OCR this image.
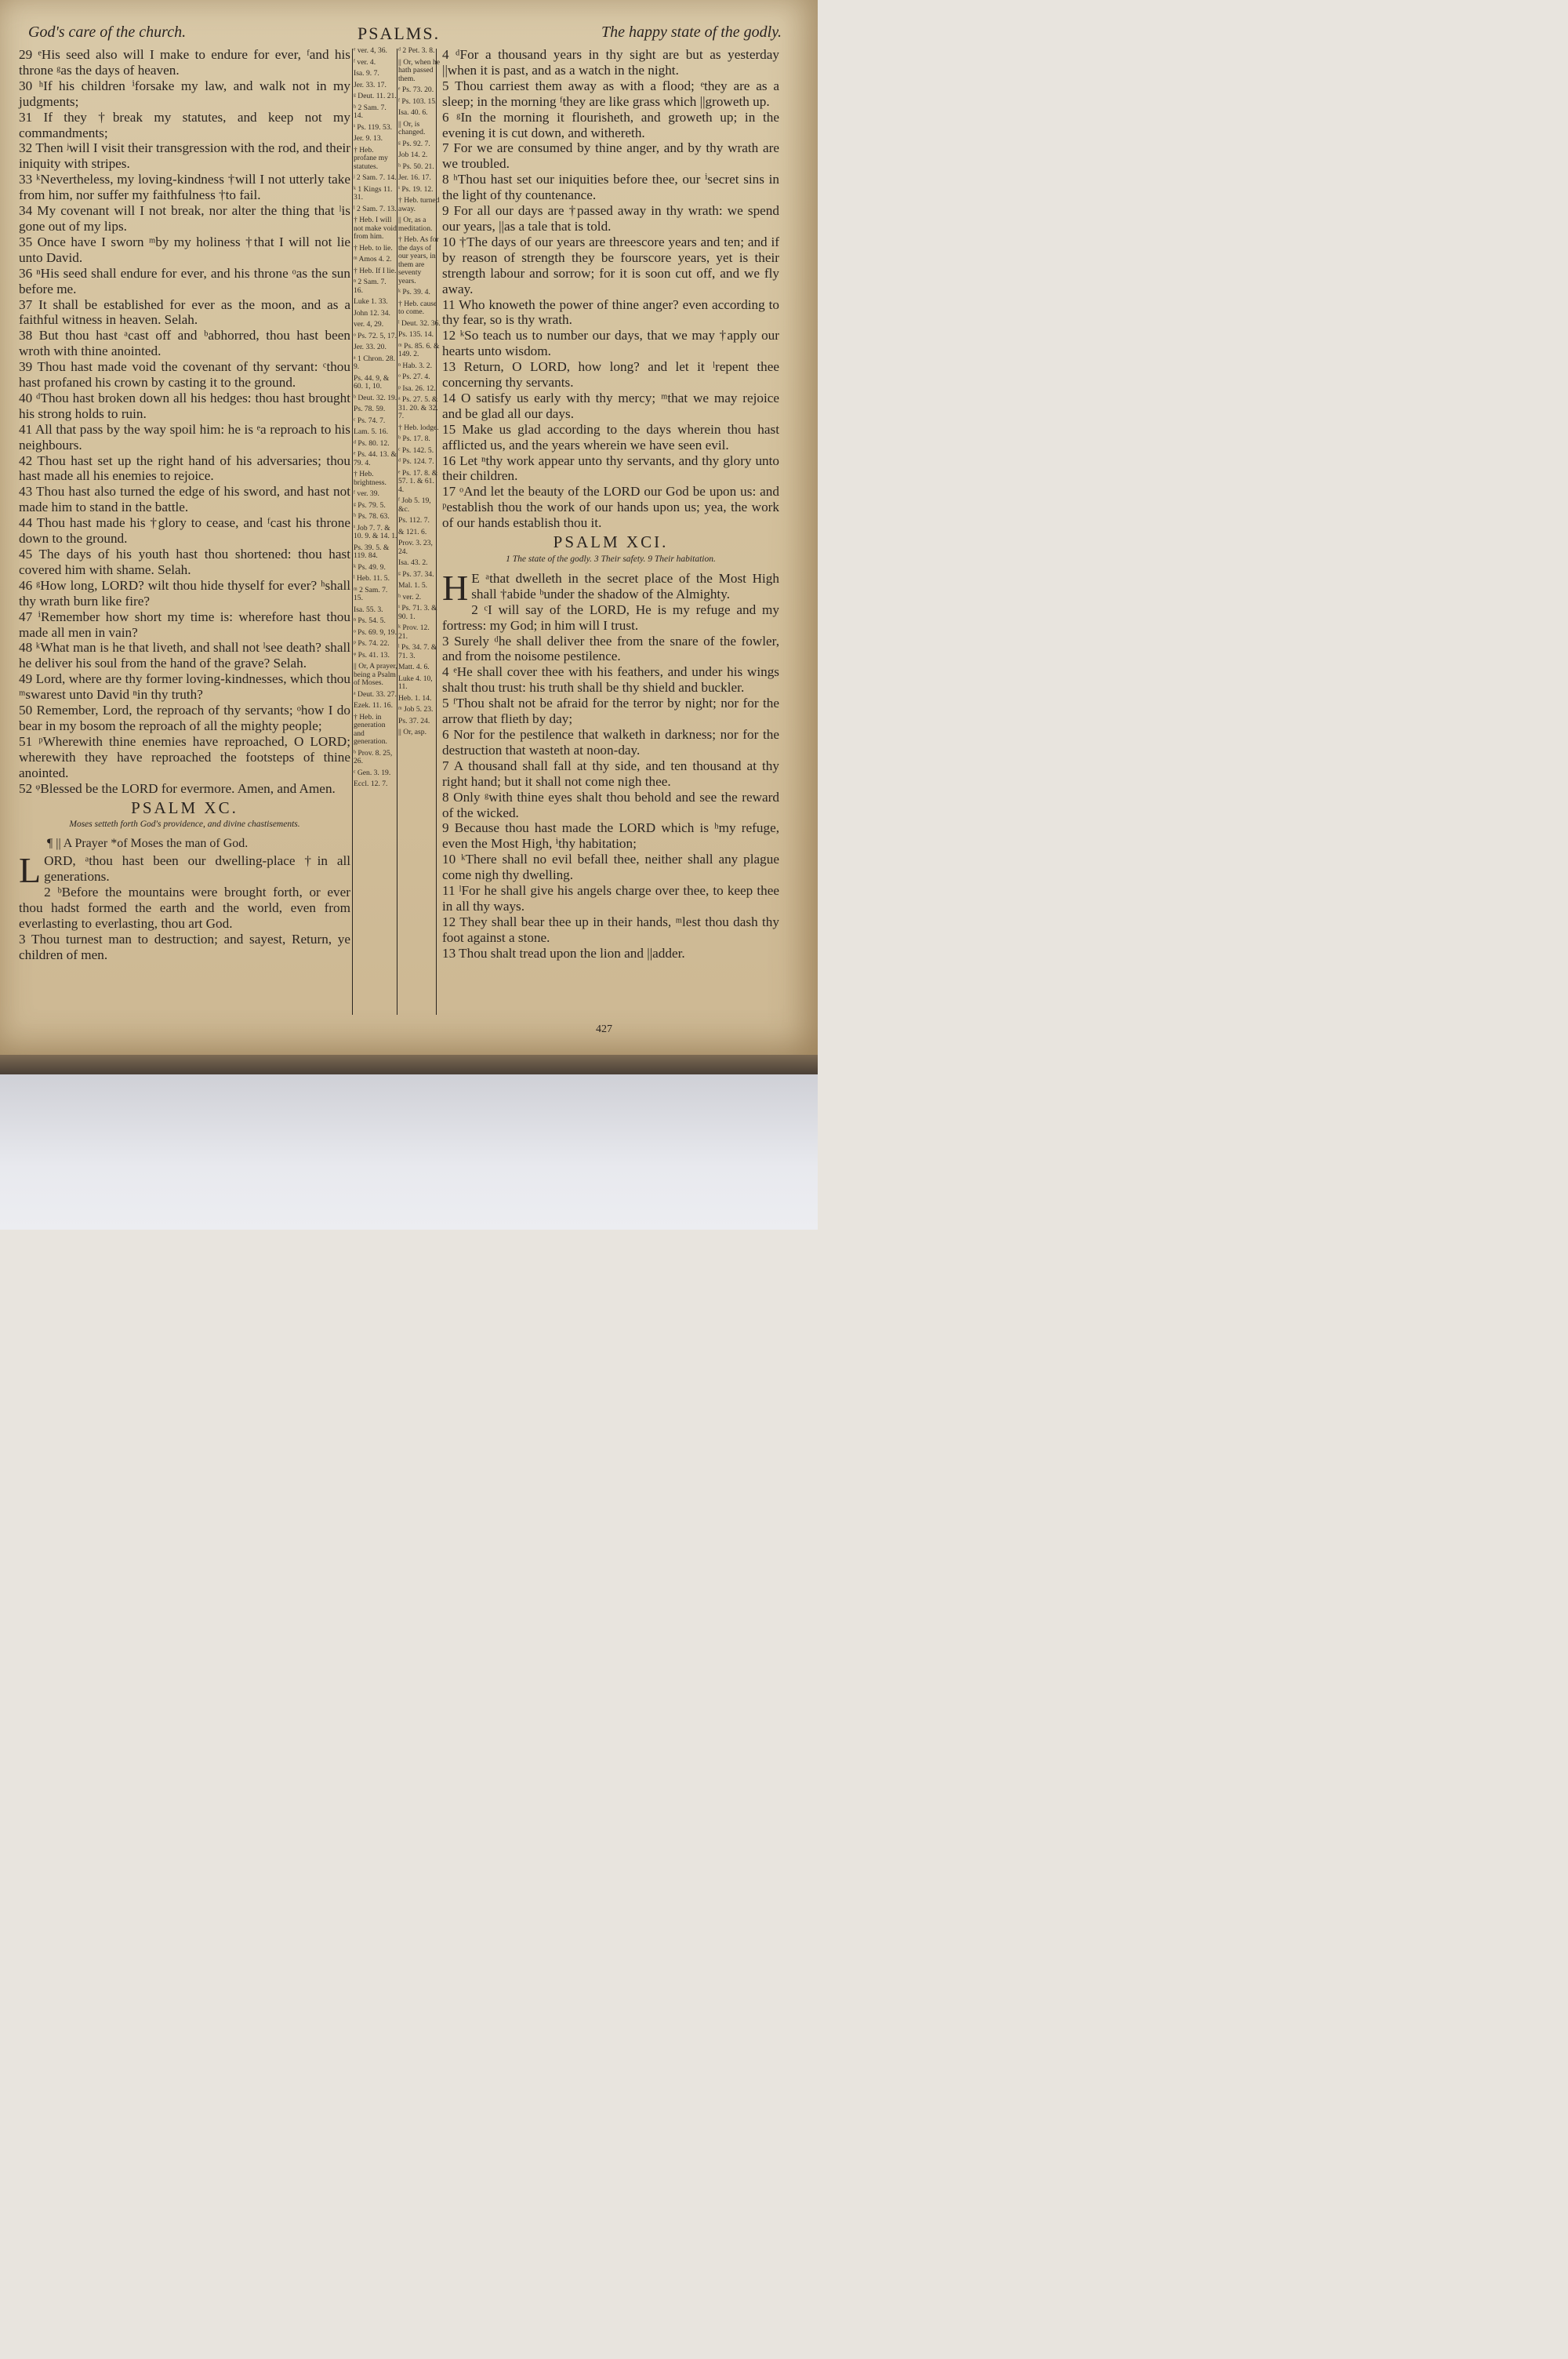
God's care of the church.	PSALMS.	The happy state of the godly.

29 ᵉHis seed also will I make to endure for ever, ᶠand his throne ᵍas the days of heaven.

30 ʰIf his children ⁱforsake my law, and walk not in my judgments;

31 If they †break my statutes, and keep not my commandments;

32 Then ʲwill I visit their transgression with the rod, and their iniquity with stripes.

33 ᵏNevertheless, my loving-kindness †will I not utterly take from him, nor suffer my faithfulness †to fail.

34 My covenant will I not break, nor alter the thing that ˡis gone out of my lips.

35 Once have I sworn ᵐby my holiness †that I will not lie unto David.

36 ⁿHis seed shall endure for ever, and his throne ᵒas the sun before me.

37 It shall be established for ever as the moon, and as a faithful witness in heaven. Selah.

38 But thou hast ᵃcast off and ᵇabhorred, thou hast been wroth with thine anointed.

39 Thou hast made void the covenant of thy servant: ᶜthou hast profaned his crown by casting it to the ground.

40 ᵈThou hast broken down all his hedges: thou hast brought his strong holds to ruin.

41 All that pass by the way spoil him: he is ᵉa reproach to his neighbours.

42 Thou hast set up the right hand of his adversaries; thou hast made all his enemies to rejoice.

43 Thou hast also turned the edge of his sword, and hast not made him to stand in the battle.

44 Thou hast made his †glory to cease, and ᶠcast his throne down to the ground.

45 The days of his youth hast thou shortened: thou hast covered him with shame. Selah.

46 ᵍHow long, LORD? wilt thou hide thyself for ever? ʰshall thy wrath burn like fire?

47 ⁱRemember how short my time is: wherefore hast thou made all men in vain?

48 ᵏWhat man is he that liveth, and shall not ˡsee death? shall he deliver his soul from the hand of the grave? Selah.

49 Lord, where are thy former loving-kindnesses, which thou ᵐswarest unto David ⁿin thy truth?

50 Remember, Lord, the reproach of thy servants; ᵒhow I do bear in my bosom the reproach of all the mighty people;

51 ᵖWherewith thine enemies have reproached, O LORD; wherewith they have reproached the footsteps of thine anointed.

52 ᵠBlessed be the LORD for evermore. Amen, and Amen.

PSALM XC.
Moses setteth forth God's providence, and divine chastisements.
¶ || A Prayer *of Moses the man of God.

LORD, ᵃthou hast been our dwelling-place †in all generations.

2 ᵇBefore the mountains were brought forth, or ever thou hadst formed the earth and the world, even from everlasting to everlasting, thou art God.

3 Thou turnest man to destruction; and sayest, Return, ye children of men.

ᵉ ver. 4, 36.
ᶠ ver. 4.
Isa. 9. 7.
Jer. 33. 17.
ᵍ Deut. 11. 21.
ʰ 2 Sam. 7. 14.
ⁱ Ps. 119. 53.
Jer. 9. 13.
† Heb. profane my statutes.
ʲ 2 Sam. 7. 14.
ᵏ 1 Kings 11. 31.
ˡ 2 Sam. 7. 13.
† Heb. I will not make void from him.
† Heb. to lie.
ᵐ Amos 4. 2.
† Heb. If I lie.
ⁿ 2 Sam. 7. 16.
Luke 1. 33.
John 12. 34.
ver. 4, 29.
ᵒ Ps. 72. 5, 17.
Jer. 33. 20.
ᵃ 1 Chron. 28. 9.
Ps. 44. 9, & 60. 1, 10.
ᵇ Deut. 32. 19.
Ps. 78. 59.
ᶜ Ps. 74. 7.
Lam. 5. 16.
ᵈ Ps. 80. 12.
ᵉ Ps. 44. 13. & 79. 4.
† Heb. brightness.
ᶠ ver. 39.
ᵍ Ps. 79. 5.
ʰ Ps. 78. 63.
ⁱ Job 7. 7. & 10. 9. & 14. 1.
Ps. 39. 5. & 119. 84.
ᵏ Ps. 49. 9.
ˡ Heb. 11. 5.
ᵐ 2 Sam. 7. 15.
Isa. 55. 3.
ⁿ Ps. 54. 5.
ᵒ Ps. 69. 9, 19.
ᵖ Ps. 74. 22.
ᵠ Ps. 41. 13.
|| Or, A prayer, being a Psalm of Moses.
ᵃ Deut. 33. 27.
Ezek. 11. 16.
† Heb. in generation and generation.
ᵇ Prov. 8. 25, 26.
ᶜ Gen. 3. 19.
Eccl. 12. 7.
ᵈ 2 Pet. 3. 8.
|| Or, when he hath passed them.
ᵉ Ps. 73. 20.
ᶠ Ps. 103. 15.
Isa. 40. 6.
|| Or, is changed.
ᵍ Ps. 92. 7.
Job 14. 2.
ʰ Ps. 50. 21.
Jer. 16. 17.
ⁱ Ps. 19. 12.
† Heb. turned away.
|| Or, as a meditation.
† Heb. As for the days of our years, in them are seventy years.
ᵏ Ps. 39. 4.
† Heb. cause to come.
ˡ Deut. 32. 36.
Ps. 135. 14.
ᵐ Ps. 85. 6. & 149. 2.
ⁿ Hab. 3. 2.
ᵒ Ps. 27. 4.
ᵖ Isa. 26. 12.
ᵃ Ps. 27. 5. & 31. 20. & 32. 7.
† Heb. lodge.
ᵇ Ps. 17. 8.
ᶜ Ps. 142. 5.
ᵈ Ps. 124. 7.
ᵉ Ps. 17. 8. & 57. 1. & 61. 4.
ᶠ Job 5. 19, &c.
Ps. 112. 7.
& 121. 6.
Prov. 3. 23, 24.
Isa. 43. 2.
ᵍ Ps. 37. 34.
Mal. 1. 5.
ʰ ver. 2.
ⁱ Ps. 71. 3. & 90. 1.
ᵏ Prov. 12. 21.
ˡ Ps. 34. 7. & 71. 3.
Matt. 4. 6.
Luke 4. 10, 11.
Heb. 1. 14.
ᵐ Job 5. 23.
Ps. 37. 24.
|| Or, asp.

4 ᵈFor a thousand years in thy sight are but as yesterday ||when it is past, and as a watch in the night.

5 Thou carriest them away as with a flood; ᵉthey are as a sleep; in the morning ᶠthey are like grass which ||groweth up.

6 ᵍIn the morning it flourisheth, and groweth up; in the evening it is cut down, and withereth.

7 For we are consumed by thine anger, and by thy wrath are we troubled.

8 ʰThou hast set our iniquities before thee, our ⁱsecret sins in the light of thy countenance.

9 For all our days are †passed away in thy wrath: we spend our years, ||as a tale that is told.

10 †The days of our years are threescore years and ten; and if by reason of strength they be fourscore years, yet is their strength labour and sorrow; for it is soon cut off, and we fly away.

11 Who knoweth the power of thine anger? even according to thy fear, so is thy wrath.

12 ᵏSo teach us to number our days, that we may †apply our hearts unto wisdom.

13 Return, O LORD, how long? and let it ˡrepent thee concerning thy servants.

14 O satisfy us early with thy mercy; ᵐthat we may rejoice and be glad all our days.

15 Make us glad according to the days wherein thou hast afflicted us, and the years wherein we have seen evil.

16 Let ⁿthy work appear unto thy servants, and thy glory unto their children.

17 ᵒAnd let the beauty of the LORD our God be upon us: and ᵖestablish thou the work of our hands upon us; yea, the work of our hands establish thou it.

PSALM XCI.
1 The state of the godly. 3 Their safety. 9 Their habitation.

H E ᵃthat dwelleth in the secret place of the Most High shall †abide ᵇunder the shadow of the Almighty.

2 ᶜI will say of the LORD, He is my refuge and my fortress: my God; in him will I trust.

3 Surely ᵈhe shall deliver thee from the snare of the fowler, and from the noisome pestilence.

4 ᵉHe shall cover thee with his feathers, and under his wings shalt thou trust: his truth shall be thy shield and buckler.

5 ᶠThou shalt not be afraid for the terror by night; nor for the arrow that flieth by day;

6 Nor for the pestilence that walketh in darkness; nor for the destruction that wasteth at noon-day.

7 A thousand shall fall at thy side, and ten thousand at thy right hand; but it shall not come nigh thee.

8 Only ᵍwith thine eyes shalt thou behold and see the reward of the wicked.

9 Because thou hast made the LORD which is ʰmy refuge, even the Most High, ⁱthy habitation;

10 ᵏThere shall no evil befall thee, neither shall any plague come nigh thy dwelling.

11 ˡFor he shall give his angels charge over thee, to keep thee in all thy ways.

12 They shall bear thee up in their hands, ᵐlest thou dash thy foot against a stone.

13 Thou shalt tread upon the lion and ||adder.

427
